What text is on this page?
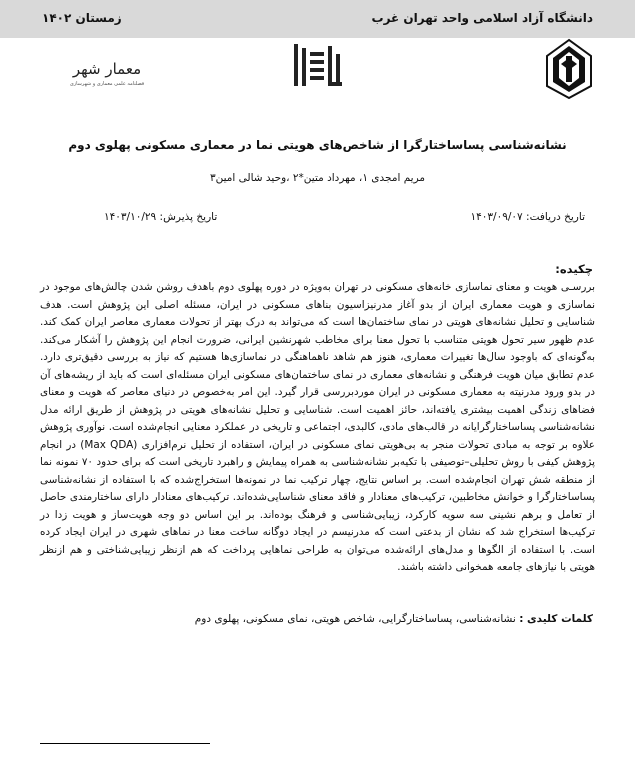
دانشگاه آزاد اسلامی واحد تهران غرب
زمستان ۱۴۰۲
معمار شهر
فصلنامه علمی معماری و شهرسازی
نشانه‌شناسی پساساختارگرا از شاخص‌های هویتی نما در معماری مسکونی پهلوی دوم
مریم امجدی ۱، مهرداد متین*۲ ،وحید شالی امین۳
تاریخ دریافت: ۱۴۰۳/۰۹/۰۷
تاریخ پذیرش: ۱۴۰۳/۱۰/۲۹
چکیده:
بررسـی هویت و معنای نماسازی خانه‌های مسکونی در تهران به‌ویژه در دوره پهلوی دوم باهدف روشن شدن چالش‌های موجود در نماسازی و هویت معماری ایران از بدو آغاز مدرنیزاسیون بناهای مسکونی در ایران، مسئله اصلی این پژوهش است. هدف شناسایی و تحلیل نشانه‌های هویتی در نمای ساختمان‌ها است که می‌تواند به درک بهتر از تحولات معماری معاصر ایران کمک کند. عدم ظهور سیر تحول هویتی متناسب با تحول معنا برای مخاطب شهرنشین ایرانی، ضرورت انجام این پژوهش را آشکار می‌کند. به‌گونه‌ای که باوجود سال‌ها تغییرات معماری، هنوز هم شاهد ناهماهنگی در نماسازی‌ها هستیم که نیاز به بررسی دقیق‌تری دارد. عدم تطابق میان هویت فرهنگی و نشانه‌های معماری در نمای ساختمان‌های مسکونی ایران مسئله‌ای است که باید از ریشه‌های آن در بدو ورود مدرنیته به معماری مسکونی در ایران موردبررسی قرار گیرد. این امر به‌خصوص در دنیای معاصر که هویت و معنای فضاهای زندگی اهمیت بیشتری یافته‌اند، حائز اهمیت است. شناسایی و تحلیل نشانه‌های هویتی در پژوهش از طریق ارائه مدل نشانه‌شناسی پساساختارگرایانه در قالب‌های مادی، کالبدی، اجتماعی و تاریخی در عملکرد معنایی انجام‌شده است. نوآوری پژوهش علاوه بر توجه به مبادی تحولات منجر به بی‌هویتی نمای مسکونی در ایران، استفاده از تحلیل نرم‌افزاری (Max QDA) در انجام پژوهش کیفی با روش تحلیلی–توصیفی با تکیه‌بر نشانه‌شناسی به همراه پیمایش و راهبرد تاریخی است که برای حدود ۷۰ نمونه نما از منطقه شش تهران انجام‌شده است. بر اساس نتایج، چهار ترکیب نما در نمونه‌ها استخراج‌شده که با استفاده از نشانه‌شناسی پساساختارگرا و خوانش مخاطبین، ترکیب‌های معنادار و فاقد معنای شناسایی‌شده‌اند. ترکیب‌های معنادار دارای ساختارمندی حاصل از تعامل و برهم نشینی سه سویه کارکرد، زیبایی‌شناسی و فرهنگ بوده‌اند. بر این اساس دو وجه هویت‌ساز و هویت زدا در ترکیب‌ها استخراج شد که نشان از بدعتی است که مدرنیسم در ایجاد دوگانه ساخت معنا در نماهای شهری در ایران ایجاد کرده است. با استفاده از الگوها و مدل‌های ارائه‌شده می‌توان به طراحی نماهایی پرداخت که هم ازنظر زیبایی‌شناختی و هم ازنظر هویتی با نیازهای جامعه همخوانی داشته باشند.
کلمات کلیدی : نشانه‌شناسی، پساساختارگرایی، شاخص هویتی، نمای مسکونی، پهلوی دوم
